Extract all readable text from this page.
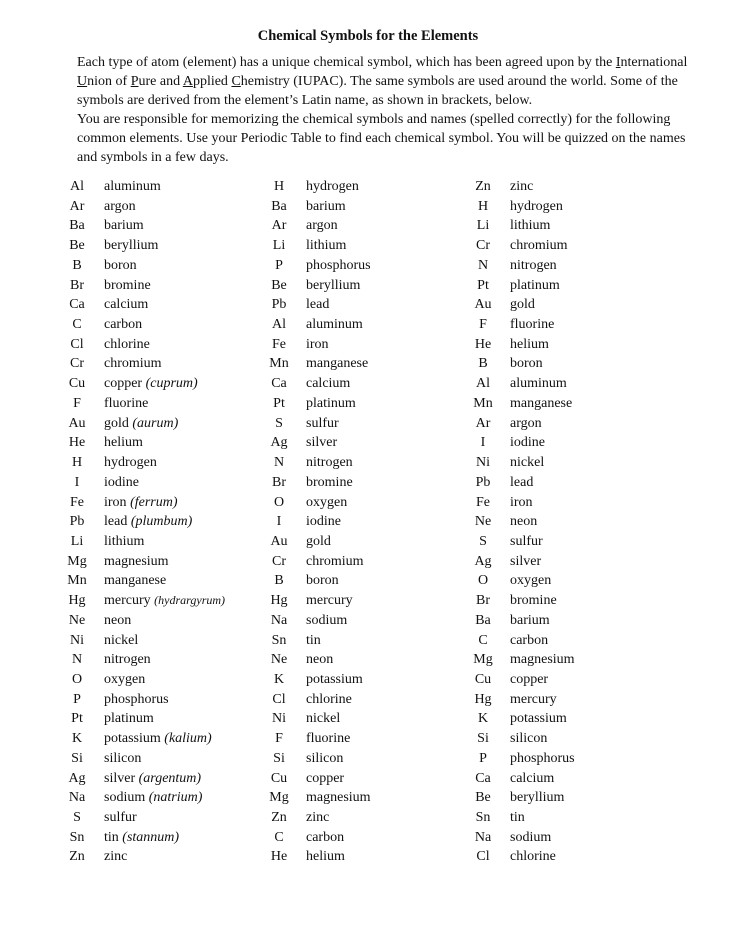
Chemical Symbols for the Elements

Each type of atom (element) has a unique chemical symbol, which has been agreed upon by the International Union of Pure and Applied Chemistry (IUPAC). The same symbols are used around the world. Some of the symbols are derived from the element’s Latin name, as shown in brackets, below.

You are responsible for memorizing the chemical symbols and names (spelled correctly) for the following common elements. Use your Periodic Table to find each chemical symbol. You will be quizzed on the names and symbols in a few days.

Al aluminum
Ar argon
Ba barium
Be beryllium
B boron
Br bromine
Ca calcium
C carbon
Cl chlorine
Cr chromium
Cu copper (cuprum)
F fluorine
Au gold (aurum)
He helium
H hydrogen
I iodine
Fe iron (ferrum)
Pb lead (plumbum)
Li lithium
Mg magnesium
Mn manganese
Hg mercury (hydrargyrum)
Ne neon
Ni nickel
N nitrogen
O oxygen
P phosphorus
Pt platinum
K potassium (kalium)
Si silicon
Ag silver (argentum)
Na sodium (natrium)
S sulfur
Sn tin (stannum)
Zn zinc
H hydrogen
Ba barium
Ar argon
Li lithium
P phosphorus
Be beryllium
Pb lead
Al aluminum
Fe iron
Mn manganese
Ca calcium
Pt platinum
S sulfur
Ag silver
N nitrogen
Br bromine
O oxygen
I iodine
Au gold
Cr chromium
B boron
Hg mercury
Na sodium
Sn tin
Ne neon
K potassium
Cl chlorine
Ni nickel
F fluorine
Si silicon
Cu copper
Mg magnesium
Zn zinc
C carbon
He helium
Zn zinc
H hydrogen
Li lithium
Cr chromium
N nitrogen
Pt platinum
Au gold
F fluorine
He helium
B boron
Al aluminum
Mn manganese
Ar argon
I iodine
Ni nickel
Pb lead
Fe iron
Ne neon
S sulfur
Ag silver
O oxygen
Br bromine
Ba barium
C carbon
Mg magnesium
Cu copper
Hg mercury
K potassium
Si silicon
P phosphorus
Ca calcium
Be beryllium
Sn tin
Na sodium
Cl chlorine
